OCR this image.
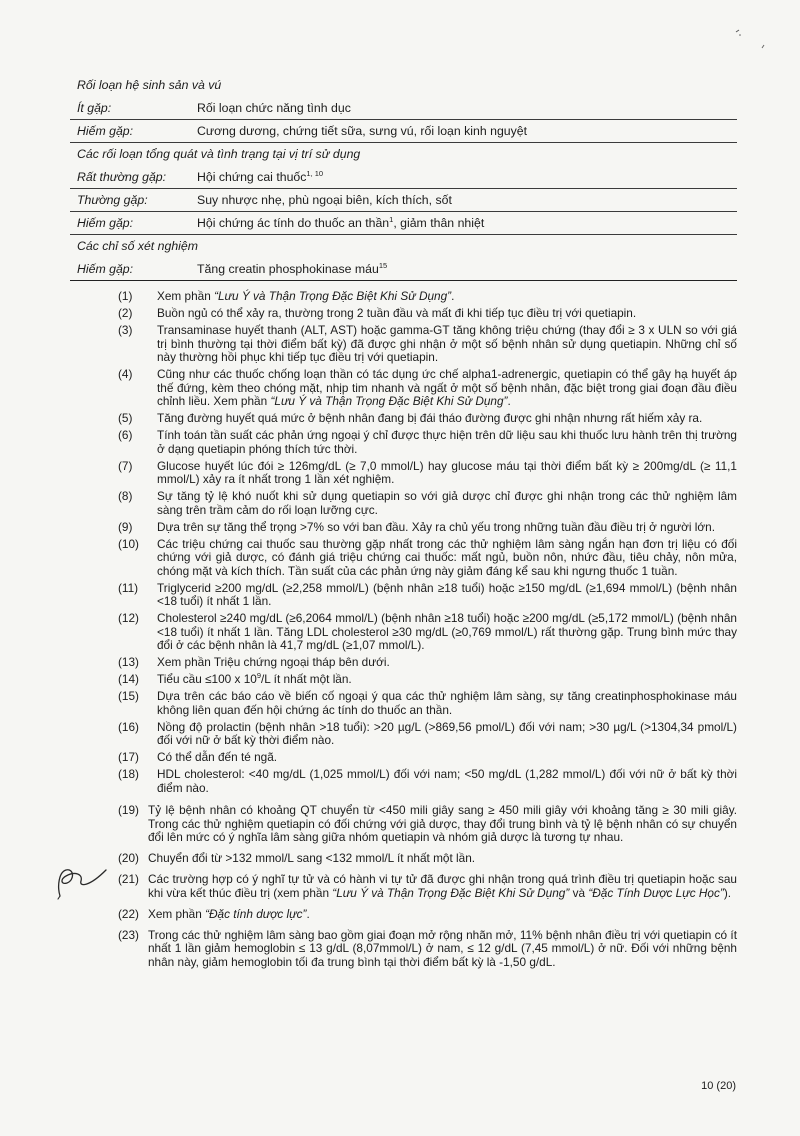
Rối loạn hệ sinh sản và vú
Ít gặp:	Rối loạn chức năng tình dục
Hiếm gặp:	Cương dương, chứng tiết sữa, sưng vú, rối loạn kinh nguyệt
Các rối loạn tổng quát và tình trạng tại vị trí sử dụng
Rất thường gặp:	Hội chứng cai thuốc$^{1, 10}$
Thường gặp:	Suy nhược nhẹ, phù ngoại biên, kích thích, sốt
Hiếm gặp:	Hội chứng ác tính do thuốc an thần$^1$, giảm thân nhiệt
Các chỉ số xét nghiệm
Hiếm gặp:	Tăng creatin phosphokinase máu$^{15}$
(1)	Xem phần “Lưu Ý và Thận Trọng Đặc Biệt Khi Sử Dụng”.
(2)	Buồn ngủ có thể xảy ra, thường trong 2 tuần đầu và mất đi khi tiếp tục điều trị với quetiapin.
(3)	Transaminase huyết thanh (ALT, AST) hoặc gamma-GT tăng không triệu chứng (thay đổi ≥ 3 x ULN so với giá trị bình thường tại thời điểm bất kỳ) đã được ghi nhận ở một số bệnh nhân sử dụng quetiapin. Những chỉ số này thường hồi phục khi tiếp tục điều trị với quetiapin.
(4)	Cũng như các thuốc chống loạn thần có tác dụng ức chế alpha1-adrenergic, quetiapin có thể gây hạ huyết áp thế đứng, kèm theo chóng mặt, nhịp tim nhanh và ngất ở một số bệnh nhân, đặc biệt trong giai đoạn đầu điều chỉnh liều. Xem phần “Lưu Ý và Thận Trọng Đặc Biệt Khi Sử Dụng”.
(5)	Tăng đường huyết quá mức ở bệnh nhân đang bị đái tháo đường được ghi nhận nhưng rất hiếm xảy ra.
(6)	Tính toán tần suất các phản ứng ngoại ý chỉ được thực hiện trên dữ liệu sau khi thuốc lưu hành trên thị trường ở dạng quetiapin phóng thích tức thời.
(7)	Glucose huyết lúc đói ≥ 126mg/dL (≥ 7,0 mmol/L) hay glucose máu tại thời điểm bất kỳ ≥ 200mg/dL (≥ 11,1 mmol/L) xảy ra ít nhất trong 1 lần xét nghiệm.
(8)	Sự tăng tỷ lệ khó nuốt khi sử dụng quetiapin so với giả dược chỉ được ghi nhận trong các thử nghiệm lâm sàng trên trầm cảm do rối loạn lưỡng cực.
(9)	Dựa trên sự tăng thể trọng >7% so với ban đầu. Xảy ra chủ yếu trong những tuần đầu điều trị ở người lớn.
(10)	Các triệu chứng cai thuốc sau thường gặp nhất trong các thử nghiệm lâm sàng ngắn hạn đơn trị liệu có đối chứng với giả dược, có đánh giá triệu chứng cai thuốc: mất ngủ, buồn nôn, nhức đầu, tiêu chảy, nôn mửa, chóng mặt và kích thích. Tần suất của các phản ứng này giảm đáng kể sau khi ngưng thuốc 1 tuần.
(11)	Triglycerid ≥200 mg/dL (≥2,258 mmol/L) (bệnh nhân ≥18 tuổi) hoặc ≥150 mg/dL (≥1,694 mmol/L) (bệnh nhân <18 tuổi) ít nhất 1 lần.
(12)	Cholesterol ≥240 mg/dL (≥6,2064 mmol/L) (bệnh nhân ≥18 tuổi) hoặc ≥200 mg/dL (≥5,172 mmol/L) (bệnh nhân <18 tuổi) ít nhất 1 lần. Tăng LDL cholesterol ≥30 mg/dL (≥0,769 mmol/L) rất thường gặp. Trung bình mức thay đổi ở các bệnh nhân là 41,7 mg/dL (≥1,07 mmol/L).
(13)	Xem phần Triệu chứng ngoại tháp bên dưới.
(14)	Tiểu cầu ≤100 x $10^9/L$ ít nhất một lần.
(15)	Dựa trên các báo cáo về biến cố ngoại ý qua các thử nghiệm lâm sàng, sự tăng creatinphosphokinase máu không liên quan đến hội chứng ác tính do thuốc an thần.
(16)	Nồng độ prolactin (bệnh nhân >18 tuổi): >20 µg/L (>869,56 pmol/L) đối với nam; >30 µg/L (>1304,34 pmol/L) đối với nữ ở bất kỳ thời điểm nào.
(17)	Có thể dẫn đến té ngã.
(18)	HDL cholesterol: <40 mg/dL (1,025 mmol/L) đối với nam; <50 mg/dL (1,282 mmol/L) đối với nữ ở bất kỳ thời điểm nào.
(19) Tỷ lệ bệnh nhân có khoảng QT chuyển từ <450 mili giây sang ≥ 450 mili giây với khoảng tăng ≥ 30 mili giây. Trong các thử nghiệm quetiapin có đối chứng với giả dược, thay đổi trung bình và tỷ lệ bệnh nhân có sự chuyển đổi lên mức có ý nghĩa lâm sàng giữa nhóm quetiapin và nhóm giả dược là tương tự nhau.
(20) Chuyển đổi từ >132 mmol/L sang <132 mmol/L ít nhất một lần.
(21) Các trường hợp có ý nghĩ tự tử và có hành vi tự tử đã được ghi nhận trong quá trình điều trị quetiapin hoặc sau khi vừa kết thúc điều trị (xem phần “Lưu Ý và Thận Trọng Đặc Biệt Khi Sử Dụng” và “Đặc Tính Dược Lực Học”).
(22) Xem phần “Đặc tính dược lực”.
(23) Trong các thử nghiệm lâm sàng bao gồm giai đoạn mở rộng nhãn mở, 11% bệnh nhân điều trị với quetiapin có ít nhất 1 lần giảm hemoglobin ≤ 13 g/dL (8,07mmol/L) ở nam, ≤ 12 g/dL (7,45 mmol/L) ở nữ. Đối với những bệnh nhân này, giảm hemoglobin tối đa trung bình tại thời điểm bất kỳ là -1,50 g/dL.
10 (20)
